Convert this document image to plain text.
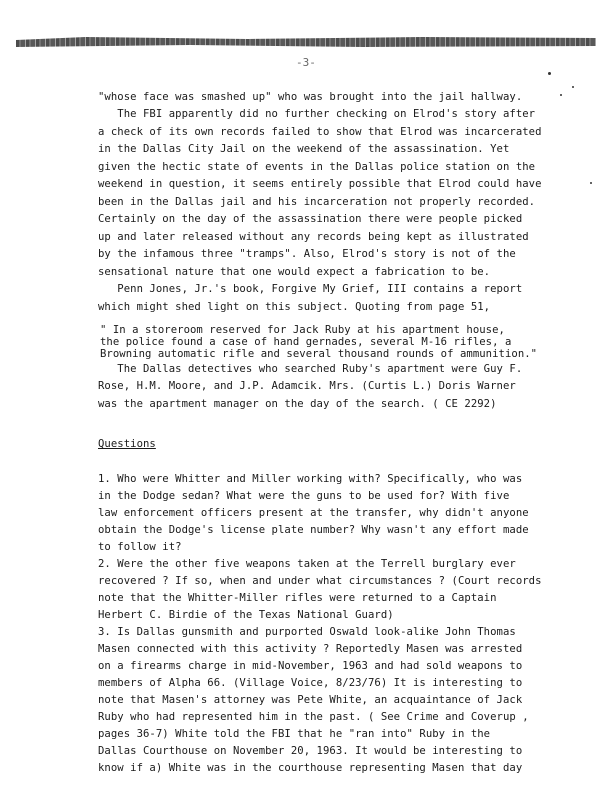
-3-
"whose face was smashed up" who was brought into the jail hallway.
The FBI apparently did no further checking on Elrod's story after
a check of its own records failed to show that Elrod was incarcerated
in the Dallas City Jail on the weekend of the assassination. Yet
given the hectic state of events in the Dallas police station on the
weekend in question, it seems entirely possible that Elrod could have
been in the Dallas jail and his incarceration not properly recorded.
Certainly on the day of the assassination there were people picked
up and later released without any records being kept as illustrated
by the infamous three "tramps". Also, Elrod's story is not of the
sensational nature that one would expect a fabrication to be.
Penn Jones, Jr.'s book, Forgive My Grief, III contains a report
which might shed light on this subject. Quoting from page 51,
" In a storeroom reserved for Jack Ruby at his apartment house,
the police found a case of hand gernades, several M-16 rifles, a
Browning automatic rifle and several thousand rounds of ammunition."
The Dallas detectives who searched Ruby's apartment were Guy F.
Rose, H.M. Moore, and J.P. Adamcik. Mrs. (Curtis L.) Doris Warner
was the apartment manager on the day of the search. ( CE 2292)
Questions
1. Who were Whitter and Miller working with? Specifically, who was
in the Dodge sedan? What were the guns to be used for? With five
law enforcement officers present at the transfer, why didn't anyone
obtain the Dodge's license plate number? Why wasn't any effort made
to follow it?
2. Were the other five weapons taken at the Terrell burglary ever
recovered ? If so, when and under what circumstances ? (Court records
note that the Whitter-Miller rifles were returned to a Captain
Herbert C. Birdie of the Texas National Guard)
3. Is Dallas gunsmith and purported Oswald look-alike John Thomas
Masen connected with this activity ? Reportedly Masen was arrested
on a firearms charge in mid-November, 1963 and had sold weapons to
members of Alpha 66. (Village Voice, 8/23/76) It is interesting to
note that Masen's attorney was Pete White, an acquaintance of Jack
Ruby who had represented him in the past. ( See Crime and Coverup ,
pages 36-7) White told the FBI that he "ran into" Ruby in the
Dallas Courthouse on November 20, 1963. It would be interesting to
know if a) White was in the courthouse representing Masen that day
